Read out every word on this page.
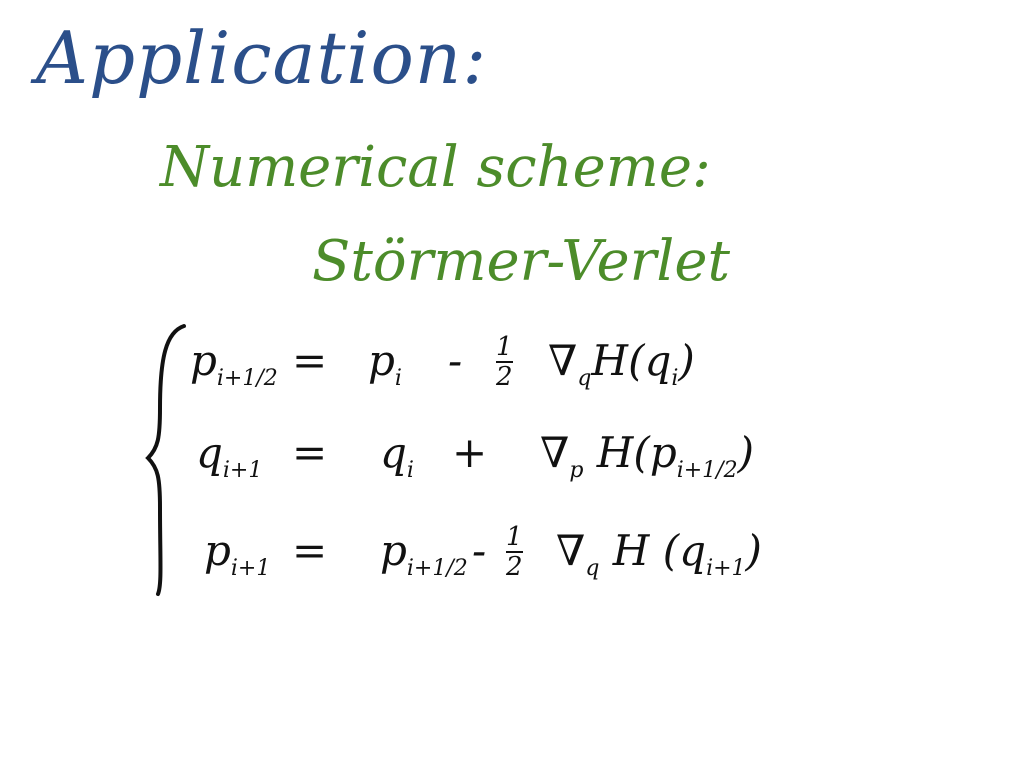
Application:
Numerical scheme:
Störmer-Verlet
$p_{i+1/2} = p_i - \frac{1}{2} \nabla_qH(q_i)$
$q_{i+1} = q_i + \nabla_p$ $H(p_{i+1/2})$
$p_{i+1} = p_{i+1/2} - \frac{1}{2} \nabla_q$ H $(q_{i+1})$
